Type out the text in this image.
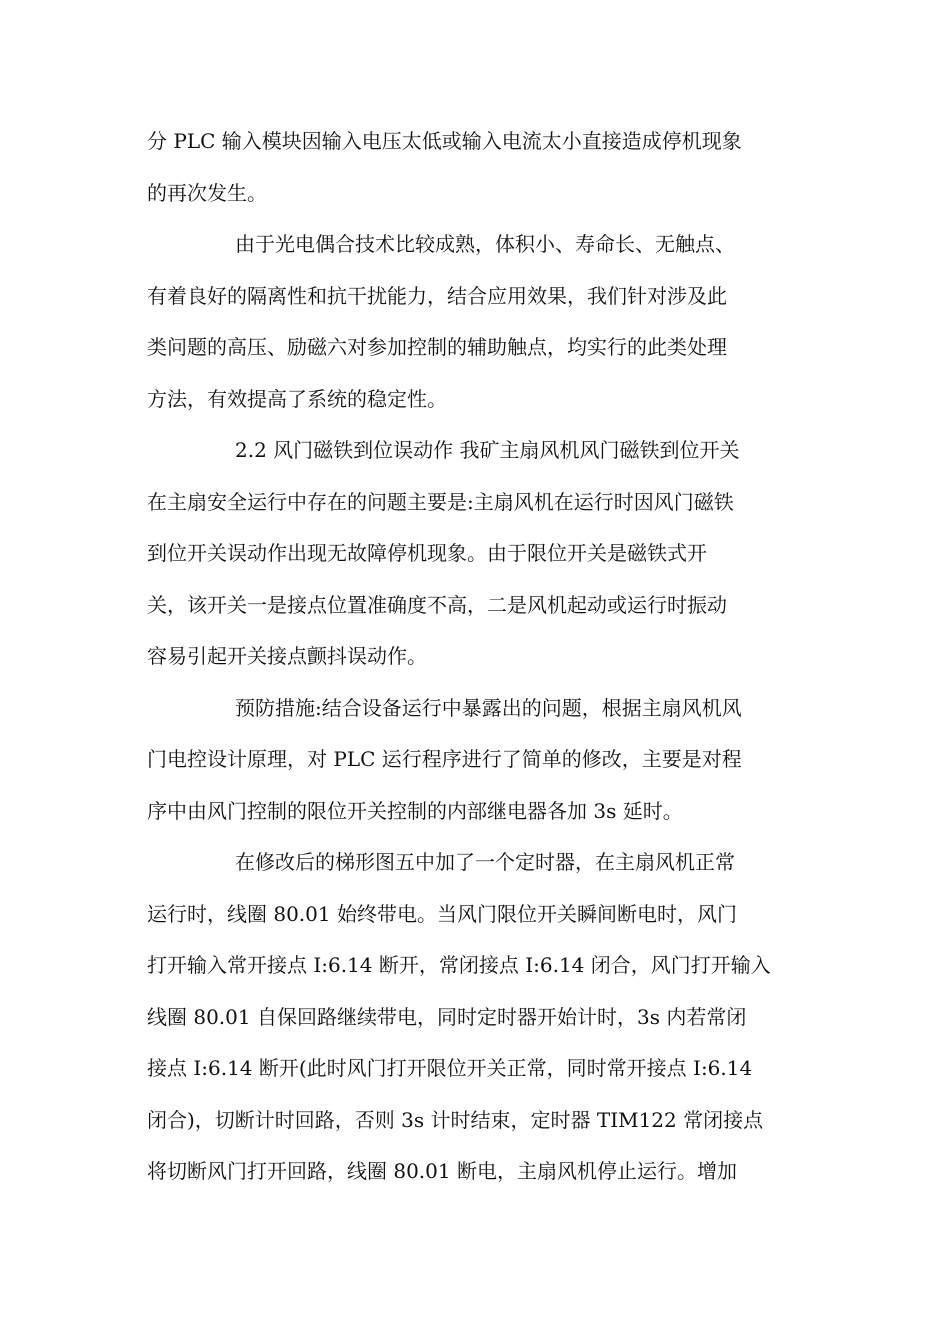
分 PLC 输入模块因输入电压太低或输入电流太小直接造成停机现象
的再次发生。
由于光电偶合技术比较成熟，体积小、寿命长、无触点、
有着良好的隔离性和抗干扰能力，结合应用效果，我们针对涉及此
类问题的高压、励磁六对参加控制的辅助触点，均实行的此类处理
方法，有效提高了系统的稳定性。
2.2 风门磁铁到位误动作 我矿主扇风机风门磁铁到位开关
在主扇安全运行中存在的问题主要是:主扇风机在运行时因风门磁铁
到位开关误动作出现无故障停机现象。由于限位开关是磁铁式开
关，该开关一是接点位置准确度不高，二是风机起动或运行时振动
容易引起开关接点颤抖误动作。
预防措施:结合设备运行中暴露出的问题，根据主扇风机风
门电控设计原理，对 PLC 运行程序进行了简单的修改，主要是对程
序中由风门控制的限位开关控制的内部继电器各加 3s 延时。
在修改后的梯形图五中加了一个定时器，在主扇风机正常
运行时，线圈 80.01 始终带电。当风门限位开关瞬间断电时，风门
打开输入常开接点 I:6.14 断开，常闭接点 I:6.14 闭合，风门打开输入
线圈 80.01 自保回路继续带电，同时定时器开始计时，3s 内若常闭
接点 I:6.14 断开(此时风门打开限位开关正常，同时常开接点 I:6.14
闭合)，切断计时回路，否则 3s 计时结束，定时器 TIM122 常闭接点
将切断风门打开回路，线圈 80.01 断电，主扇风机停止运行。增加
